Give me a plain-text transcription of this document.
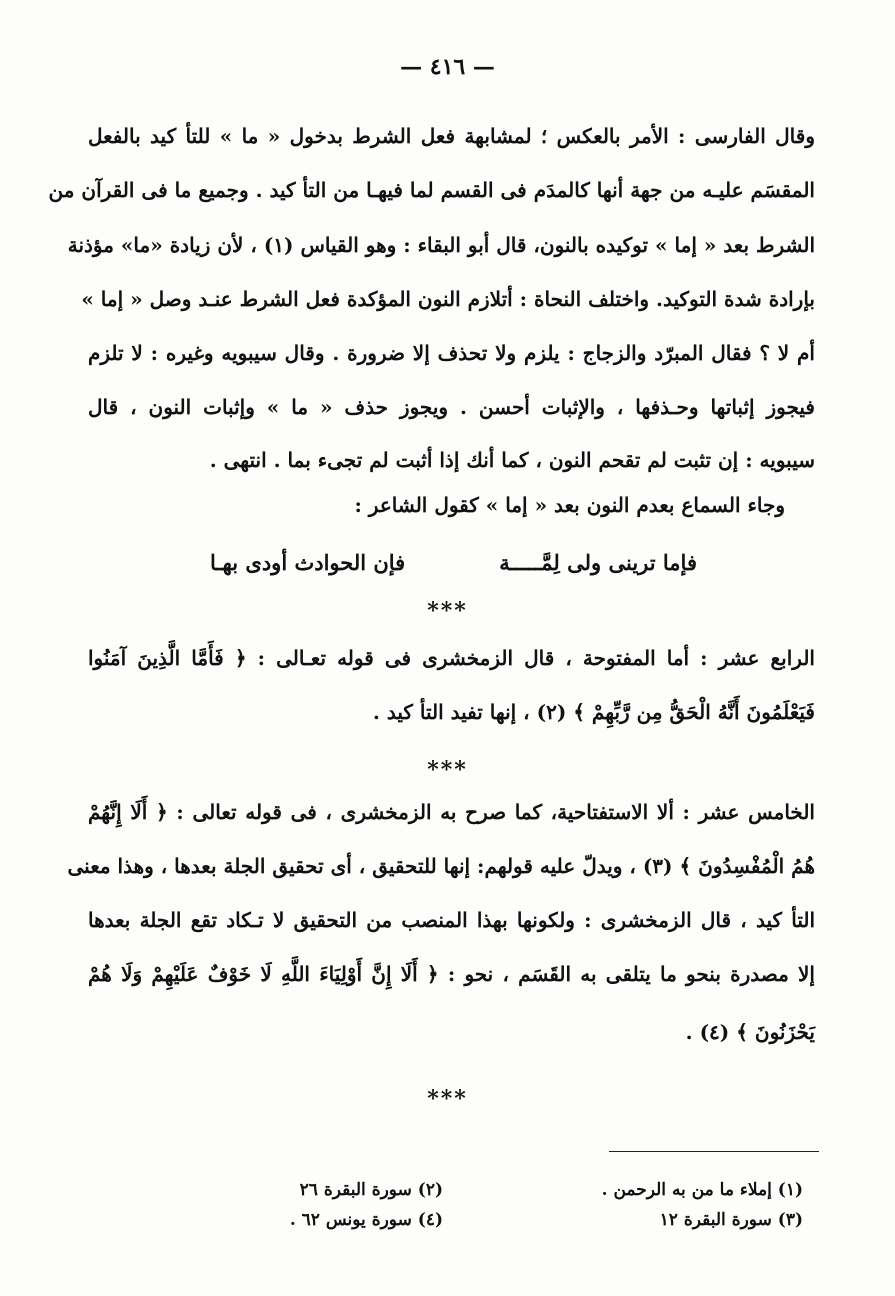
— ٤١٦ —
وقال الفارسى : الأمر بالعكس ؛ لمشابهة فعل الشرط بدخول « ما » للتأ كيد بالفعل
المقسَم عليـه من جهة أنها كالمدَم فى القسم لما فيهـا من التأ كيد . وجميع ما فى القرآن من
الشرط بعد « إما » توكيده بالنون، قال أبو البقاء : وهو القياس (١) ، لأن زيادة «ما» مؤذنة
بإرادة شدة التوكيد. واختلف النحاة : أتلازم النون المؤكدة فعل الشرط عنـد وصل « إما »
أم لا ؟ فقال المبرّد والزجاج : يلزم ولا تحذف إلا ضرورة . وقال سيبويه وغيره : لا تلزم
فيجوز إثباتها وحـذفها ، والإثبات أحسن . ويجوز حذف « ما » وإثبات النون ، قال
سيبويه : إن تثبت لم تقحم النون ، كما أنك إذا أثبت لم تجىء بما . انتهى .
وجاء السماع بعدم النون بعد « إما » كقول الشاعر :
فإما ترينى ولى لِمَّـــــة
فإن الحوادث أودى بهـا
***
الرابع عشر : أما المفتوحة ، قال الزمخشرى فى قوله تعـالى : ﴿ فَأَمَّا الَّذِينَ آمَنُوا
فَيَعْلَمُونَ أَنَّهُ الْحَقُّ مِن رَّبِّهِمْ ﴾ (٢) ، إنها تفيد التأ كيد .
***
الخامس عشر : ألا الاستفتاحية، كما صرح به الزمخشرى ، فى قوله تعالى : ﴿ أَلَا إِنَّهُمْ
هُمُ الْمُفْسِدُونَ ﴾ (٣) ، ويدلّ عليه قولهم: إنها للتحقيق ، أى تحقيق الجلة بعدها ، وهذا معنى
التأ كيد ، قال الزمخشرى : ولكونها بهذا المنصب من التحقيق لا تـكاد تقع الجلة بعدها
إلا مصدرة بنحو ما يتلقى به القَسَم ، نحو : ﴿ أَلَا إِنَّ أَوْلِيَاءَ اللَّهِ لَا خَوْفٌ عَلَيْهِمْ وَلَا هُمْ
يَحْزَنُونَ ﴾ (٤) .
***
(١) إملاء ما من به الرحمن .
(٢) سورة البقرة ٢٦
(٣) سورة البقرة ١٢
(٤) سورة يونس ٦٢ .
